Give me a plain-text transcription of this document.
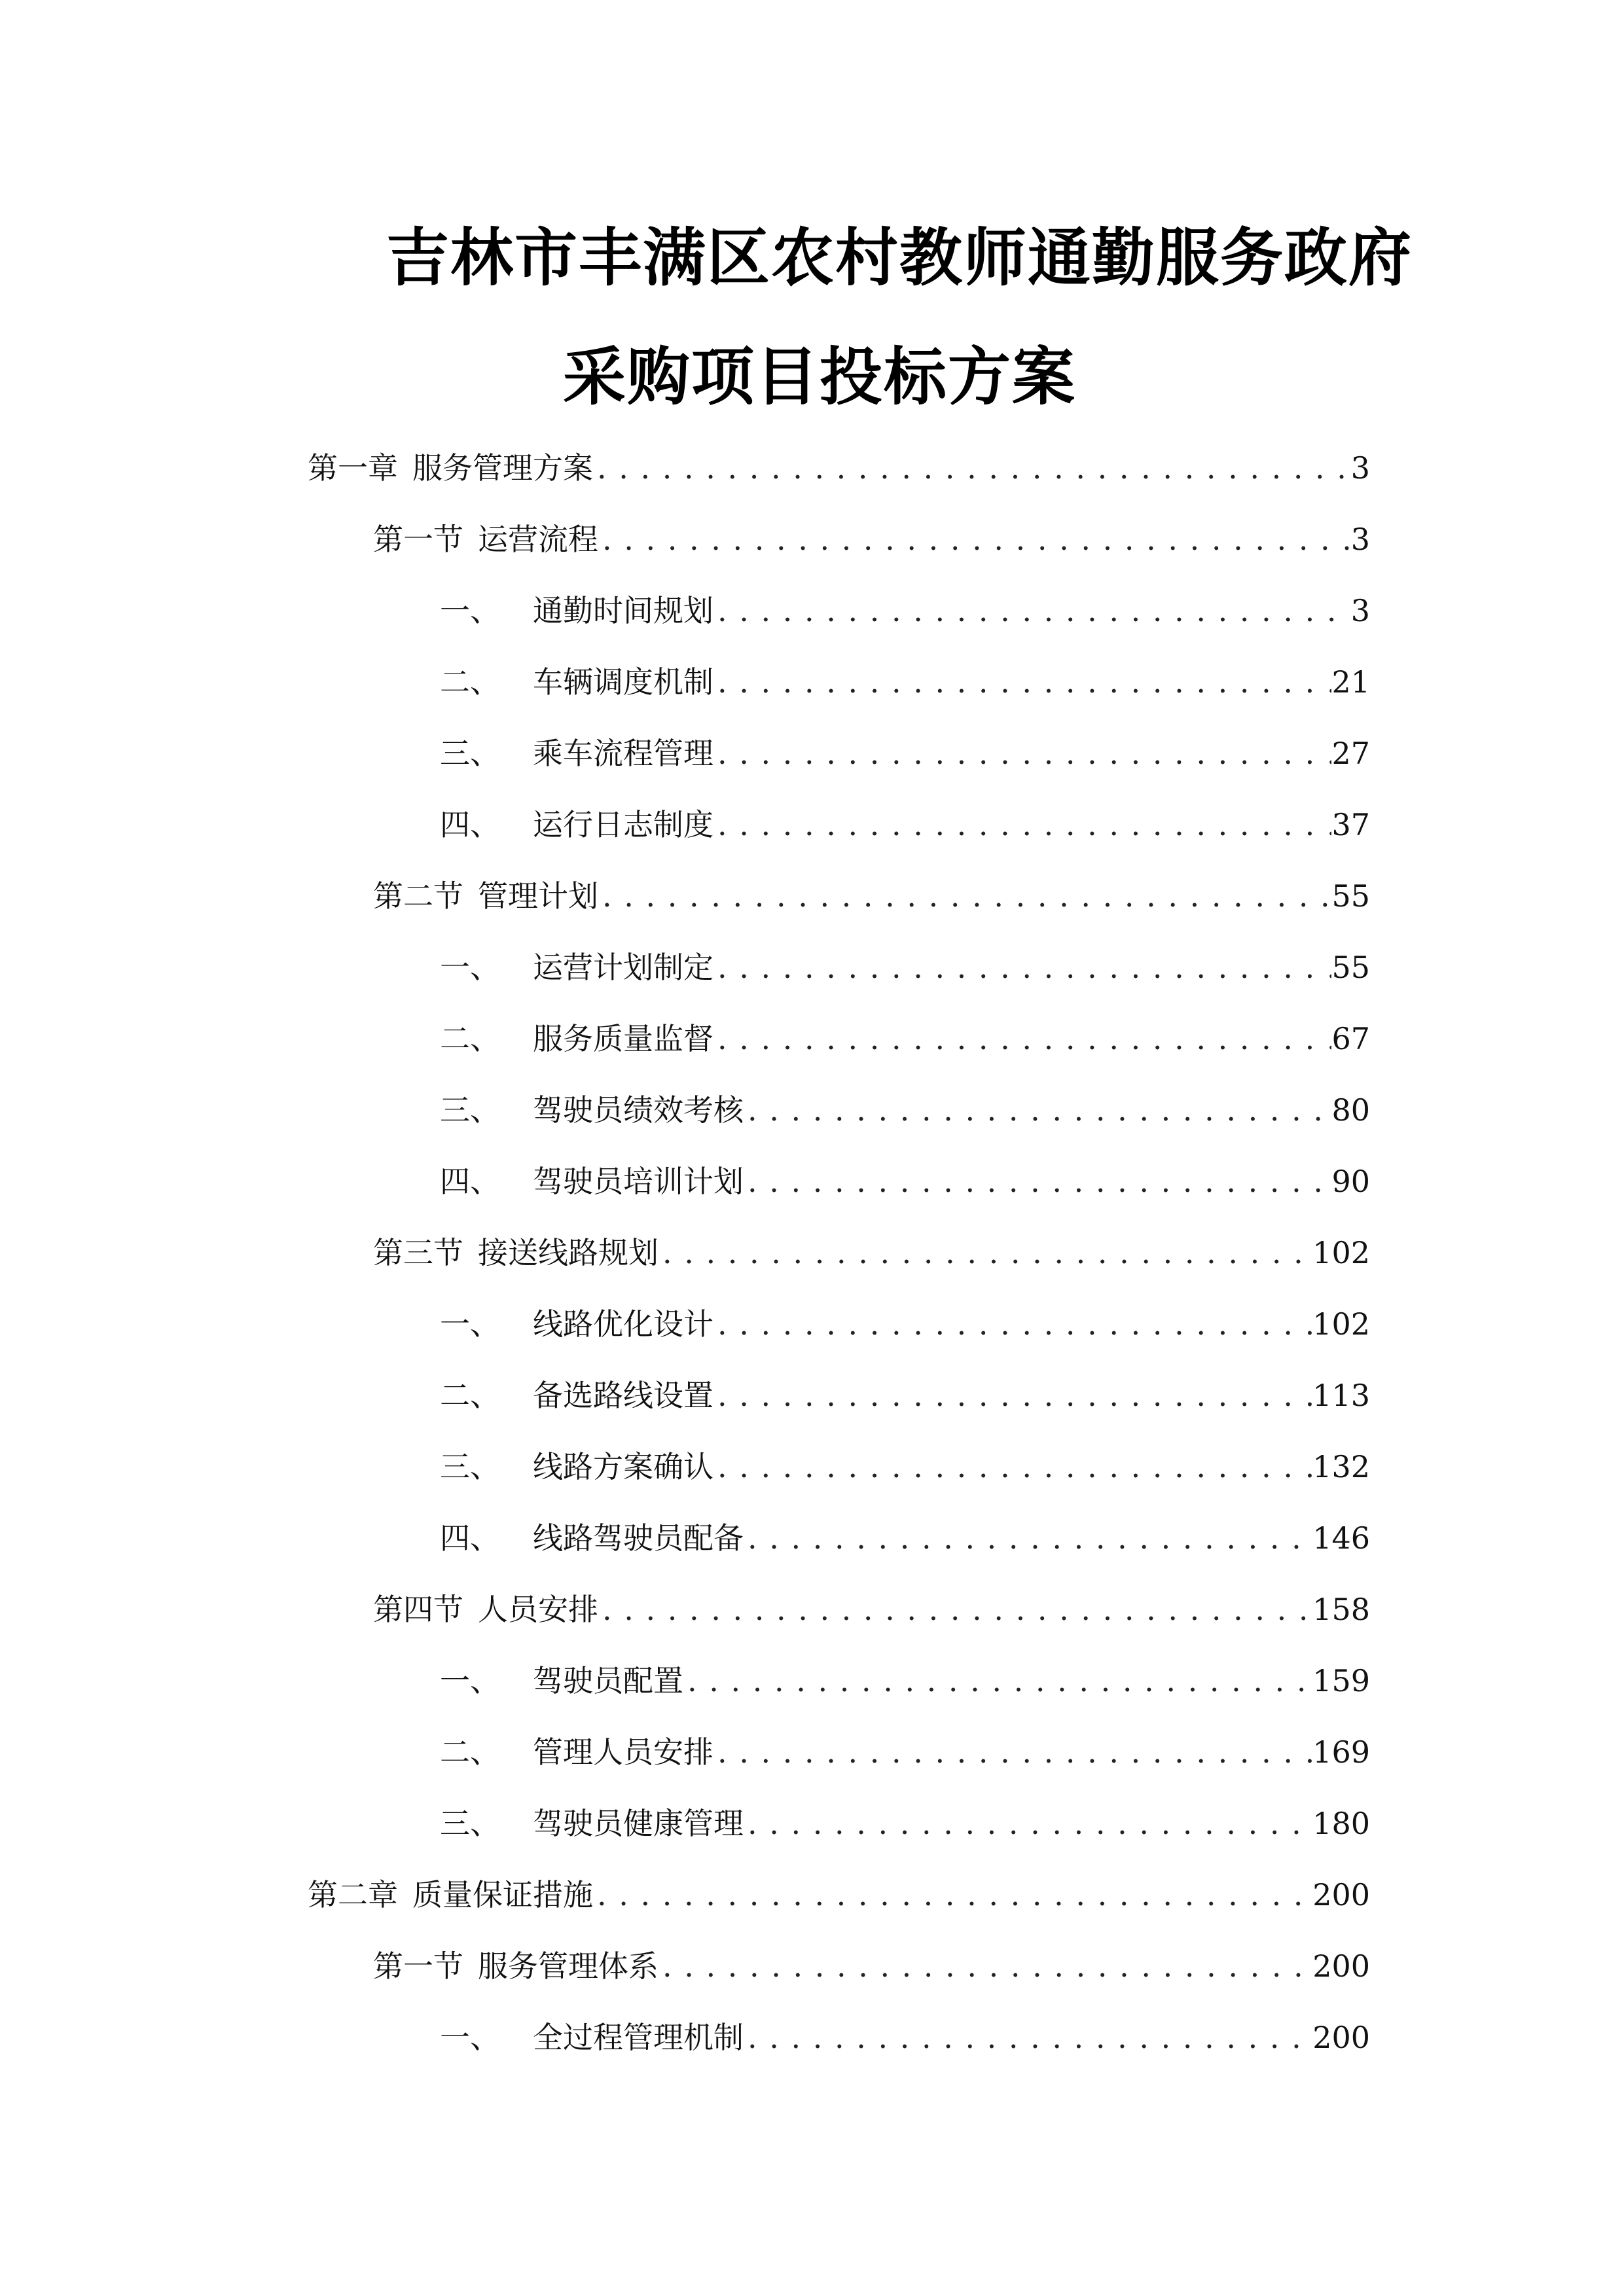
吉林市丰满区农村教师通勤服务政府
采购项目投标方案
第一章 服务管理方案 . . .	3
第一节 运营流程 . . .	3
一、 通勤时间规划 . . .	3
二、 车辆调度机制 . . .	21
三、 乘车流程管理 . . .	27
四、 运行日志制度 . . .	37
第二节 管理计划 . . .	55
一、 运营计划制定 . . .	55
二、 服务质量监督 . . .	67
三、 驾驶员绩效考核 . . .	80
四、 驾驶员培训计划 . . .	90
第三节 接送线路规划 . . .	102
一、 线路优化设计 . . .	102
二、 备选路线设置 . . .	113
三、 线路方案确认 . . .	132
四、 线路驾驶员配备 . . .	146
第四节 人员安排 . . .	158
一、 驾驶员配置 . . .	159
二、 管理人员安排 . . .	169
三、 驾驶员健康管理 . . .	180
第二章 质量保证措施 . . .	200
第一节 服务管理体系 . . .	200
一、 全过程管理机制 . . .	200
